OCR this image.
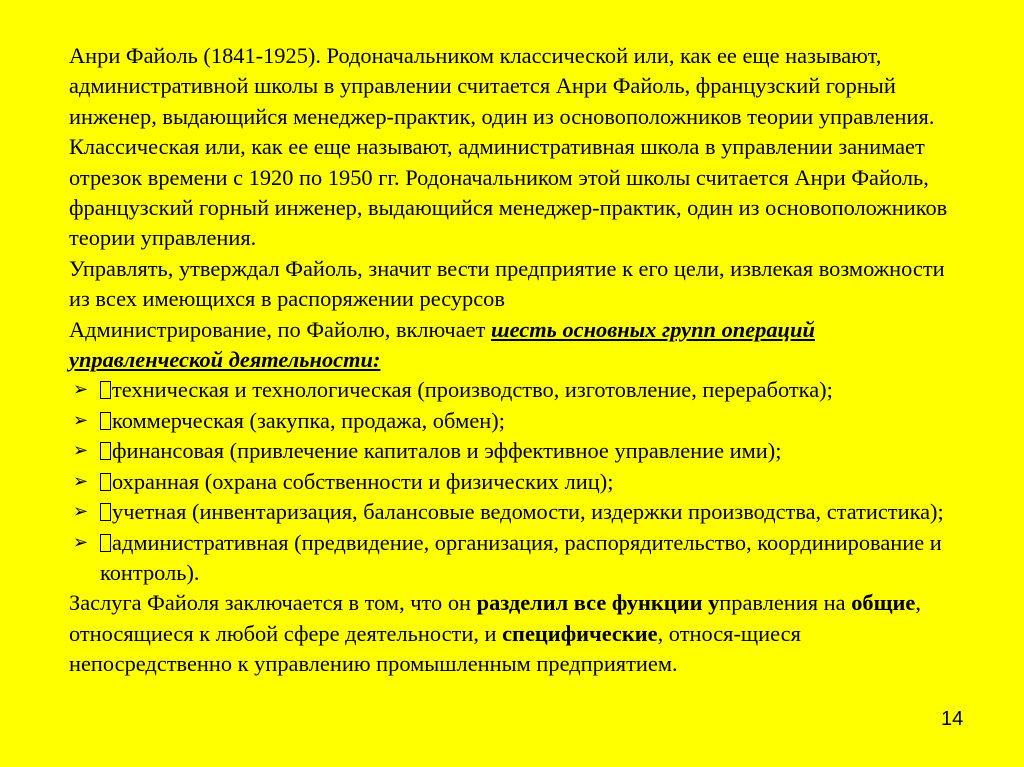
Анри Файоль (1841-1925). Родоначальником классической или, как ее еще называют, административной школы в управлении считается Анри Файоль, французский горный инженер, выдающийся менеджер-практик, один из основоположников теории управления.

Классическая или, как ее еще называют, административная школа в управлении занимает отрезок времени с 1920 по 1950 гг. Родоначальником этой школы считается Анри Файоль, французский горный инженер, выдающийся менеджер-практик, один из основоположников теории управления.

Управлять, утверждал Файоль, значит вести предприятие к его цели, извлекая возможности из всех имеющихся в распоряжении ресурсов

Администрирование, по Файолю, включает шесть основных групп операций управленческой деятельности:

➢ техническая и технологическая (производство, изготовление, переработка);
➢ коммерческая (закупка, продажа, обмен);
➢ финансовая (привлечение капиталов и эффективное управление ими);
➢ охранная (охрана собственности и физических лиц);
➢ учетная (инвентаризация, балансовые ведомости, издержки производства, статистика);
➢ административная (предвидение, организация, распорядительство, координирование и контроль).

Заслуга Файоля заключается в том, что он разделил все функции управления на общие, относящиеся к любой сфере деятельности, и специфические, относя-щиеся непосредственно к управлению промышленным предприятием.

14
